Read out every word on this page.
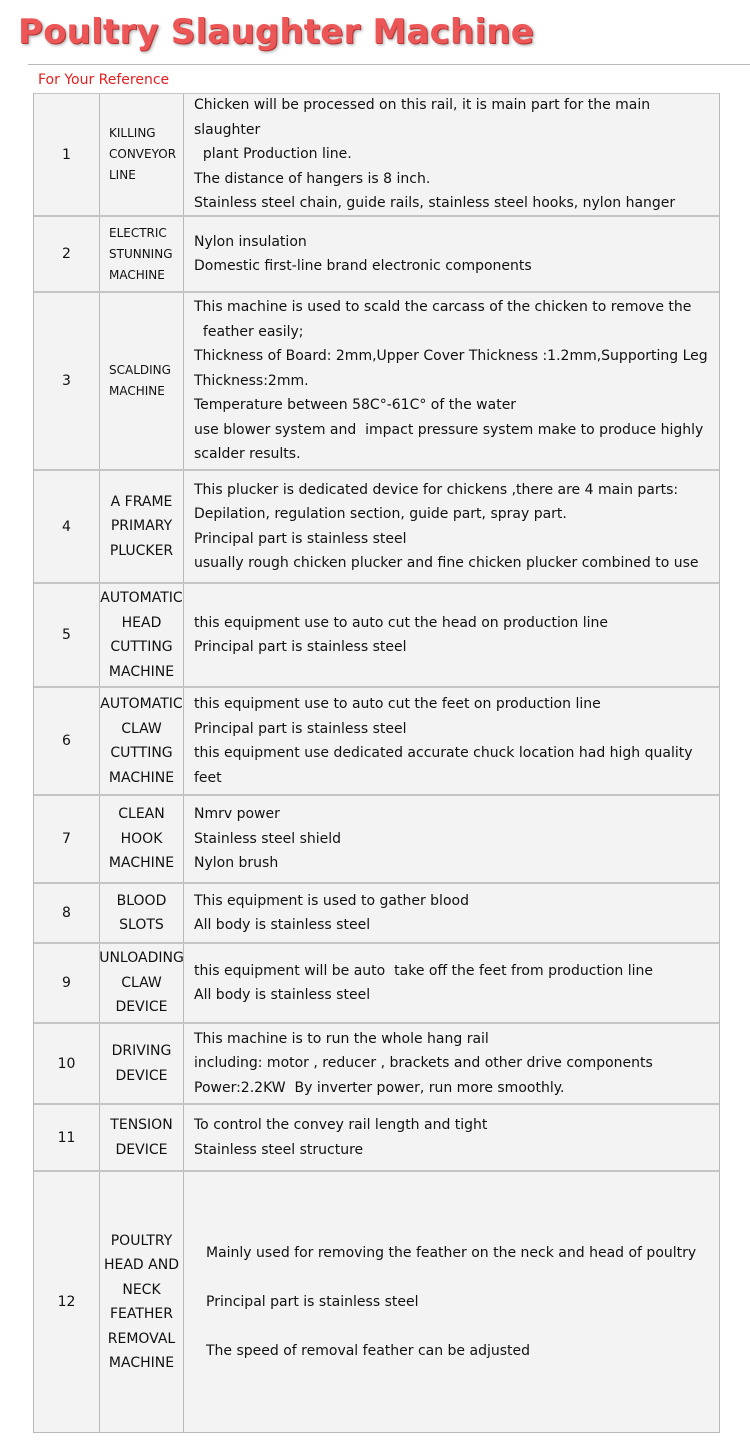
Poultry Slaughter Machine
For Your Reference
1
KILLING
CONVEYOR
LINE
Chicken will be processed on this rail, it is main part for the main slaughter
plant Production line.
The distance of hangers is 8 inch.
Stainless steel chain, guide rails, stainless steel hooks, nylon hanger
2
ELECTRIC
STUNNING
MACHINE
Nylon insulation
Domestic first-line brand electronic components
3
SCALDING
MACHINE
This machine is used to scald the carcass of the chicken to remove the
feather easily;
Thickness of Board: 2mm,Upper Cover Thickness :1.2mm,Supporting Leg
Thickness:2mm.
Temperature between 58C°-61C° of the water
use blower system and  impact pressure system make to produce highly
scalder results.
4
A FRAME
PRIMARY
PLUCKER
This plucker is dedicated device for chickens ,there are 4 main parts:
Depilation, regulation section, guide part, spray part.
Principal part is stainless steel
usually rough chicken plucker and fine chicken plucker combined to use
5
AUTOMATIC
HEAD
CUTTING
MACHINE
this equipment use to auto cut the head on production line
Principal part is stainless steel
6
AUTOMATIC
CLAW
CUTTING
MACHINE
this equipment use to auto cut the feet on production line
Principal part is stainless steel
this equipment use dedicated accurate chuck location had high quality feet
7
CLEAN
HOOK
MACHINE
Nmrv power
Stainless steel shield
Nylon brush
8
BLOOD
SLOTS
This equipment is used to gather blood
All body is stainless steel
9
UNLOADING
CLAW
DEVICE
this equipment will be auto  take off the feet from production line
All body is stainless steel
10
DRIVING
DEVICE
This machine is to run the whole hang rail
including: motor , reducer , brackets and other drive components
Power:2.2KW  By inverter power, run more smoothly.
11
TENSION
DEVICE
To control the convey rail length and tight
Stainless steel structure
12
POULTRY
HEAD AND
NECK
FEATHER
REMOVAL
MACHINE
Mainly used for removing the feather on the neck and head of poultry
Principal part is stainless steel
The speed of removal feather can be adjusted
